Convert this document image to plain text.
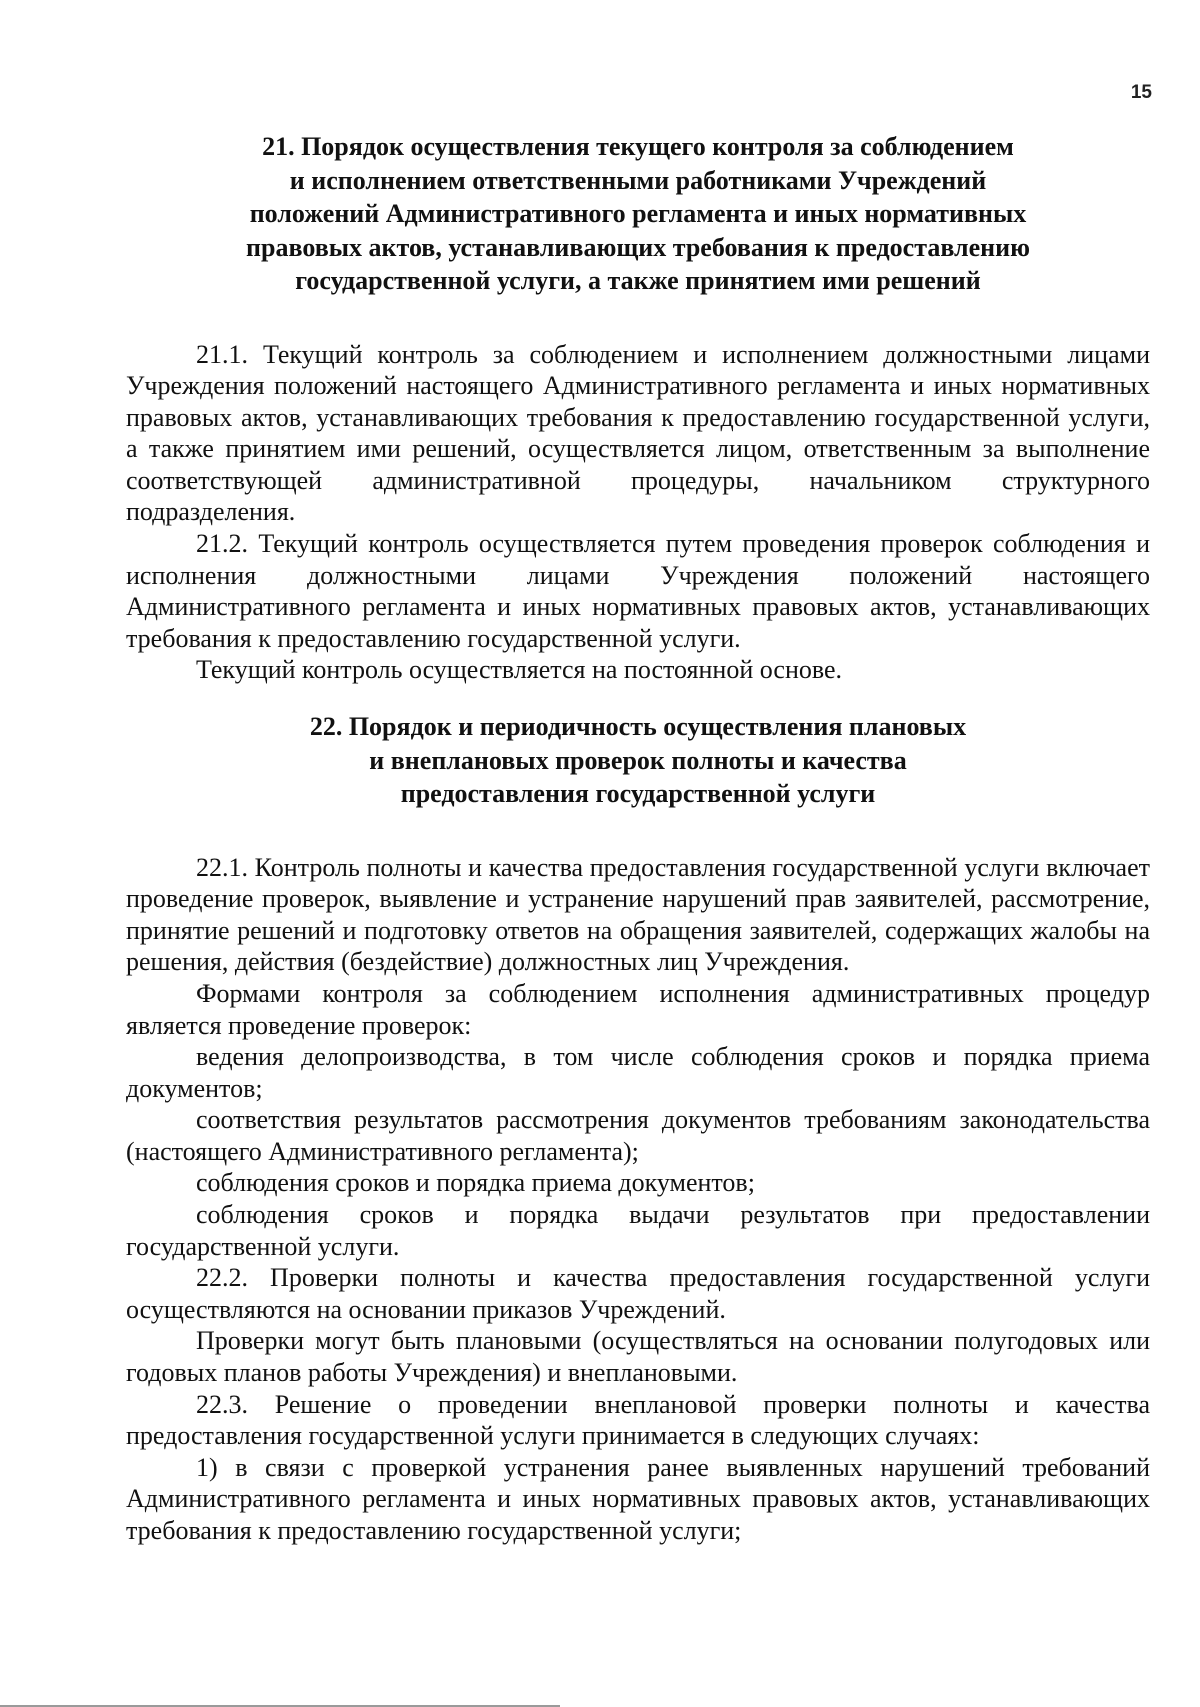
15
21. Порядок осуществления текущего контроля за соблюдением
и исполнением ответственными работниками Учреждений
положений Административного регламента и иных нормативных
правовых актов, устанавливающих требования к предоставлению
государственной услуги, а также принятием ими решений

21.1. Текущий контроль за соблюдением и исполнением должностными лицами Учреждения положений настоящего Административного регламента и иных нормативных правовых актов, устанавливающих требования к предоставлению государственной услуги, а также принятием ими решений, осуществляется лицом, ответственным за выполнение соответствующей административной процедуры, начальником структурного подразделения.

21.2. Текущий контроль осуществляется путем проведения проверок соблюдения и исполнения должностными лицами Учреждения положений настоящего Административного регламента и иных нормативных правовых актов, устанавливающих требования к предоставлению государственной услуги.

Текущий контроль осуществляется на постоянной основе.

22. Порядок и периодичность осуществления плановых
и внеплановых проверок полноты и качества
предоставления государственной услуги

22.1. Контроль полноты и качества предоставления государственной услуги включает проведение проверок, выявление и устранение нарушений прав заявителей, рассмотрение, принятие решений и подготовку ответов на обращения заявителей, содержащих жалобы на решения, действия (бездействие) должностных лиц Учреждения.

Формами контроля за соблюдением исполнения административных процедур является проведение проверок:

ведения делопроизводства, в том числе соблюдения сроков и порядка приема документов;

соответствия результатов рассмотрения документов требованиям законодательства (настоящего Административного регламента);

соблюдения сроков и порядка приема документов;

соблюдения сроков и порядка выдачи результатов при предоставлении государственной услуги.

22.2. Проверки полноты и качества предоставления государственной услуги осуществляются на основании приказов Учреждений.

Проверки могут быть плановыми (осуществляться на основании полугодовых или годовых планов работы Учреждения) и внеплановыми.

22.3. Решение о проведении внеплановой проверки полноты и качества предоставления государственной услуги принимается в следующих случаях:

1) в связи с проверкой устранения ранее выявленных нарушений требований Административного регламента и иных нормативных правовых актов, устанавливающих требования к предоставлению государственной услуги;
